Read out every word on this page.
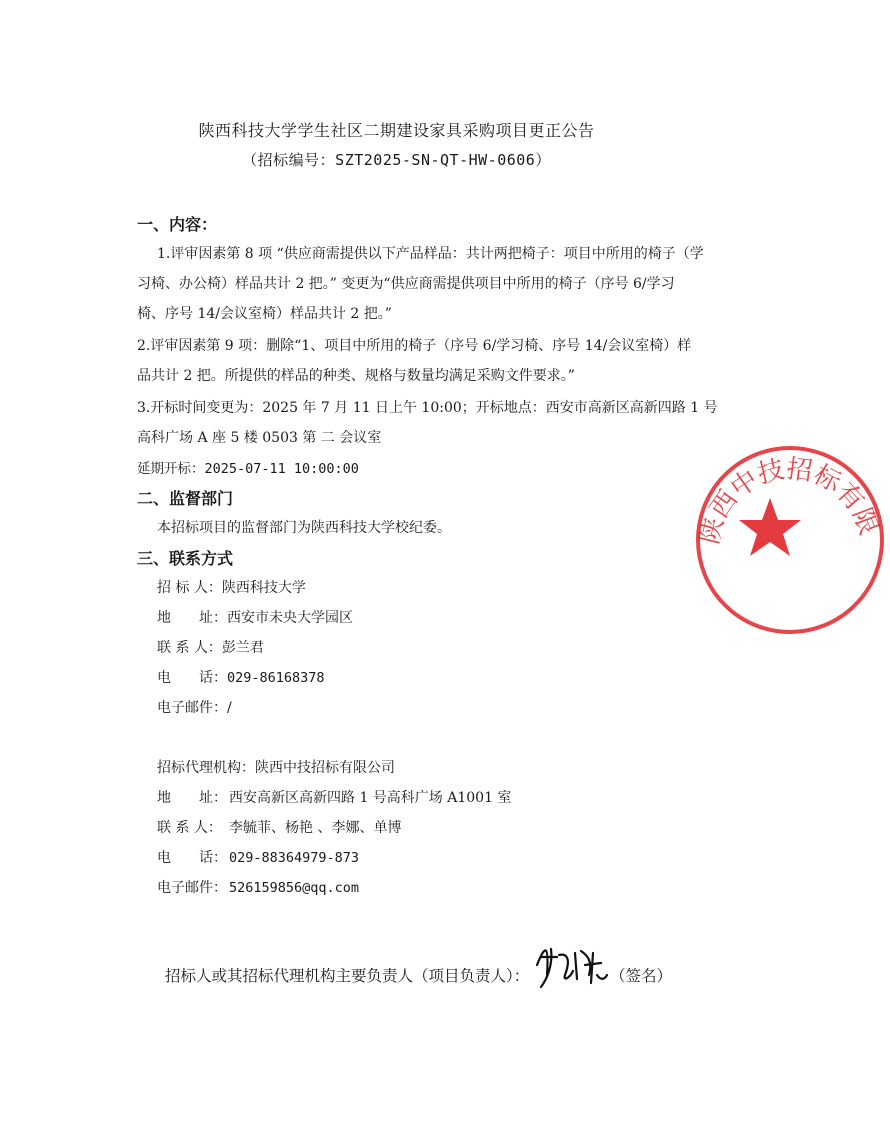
陕西科技大学学生社区二期建设家具采购项目更正公告
（招标编号：SZT2025-SN-QT-HW-0606）
一、内容：
1.评审因素第 8 项 “供应商需提供以下产品样品：共计两把椅子：项目中所用的椅子（学
习椅、办公椅）样品共计 2 把。” 变更为“供应商需提供项目中所用的椅子（序号 6/学习
椅、序号 14/会议室椅）样品共计 2 把。”
2.评审因素第 9 项：删除“1、项目中所用的椅子（序号 6/学习椅、序号 14/会议室椅）样
品共计 2 把。所提供的样品的种类、规格与数量均满足采购文件要求。”
3.开标时间变更为：2025 年 7 月 11 日上午 10:00；开标地点：西安市高新区高新四路 1 号
高科广场 A 座 5 楼 0503 第 二 会议室
延期开标：2025-07-11 10:00:00
二、监督部门
本招标项目的监督部门为陕西科技大学校纪委。
三、联系方式
招 标 人：陕西科技大学
地　　址：西安市未央大学园区
联 系 人：彭兰君
电　　话：029-86168378
电子邮件：/
招标代理机构：陕西中技招标有限公司
地　　址： 西安高新区高新四路 1 号高科广场 A1001 室
联 系 人： 李毓菲、杨艳 、李娜、单博
电　　话： 029-88364979-873
电子邮件： 526159856@qq.com
陕西中技招标有限
招标人或其招标代理机构主要负责人（项目负责人）：	（签名）
